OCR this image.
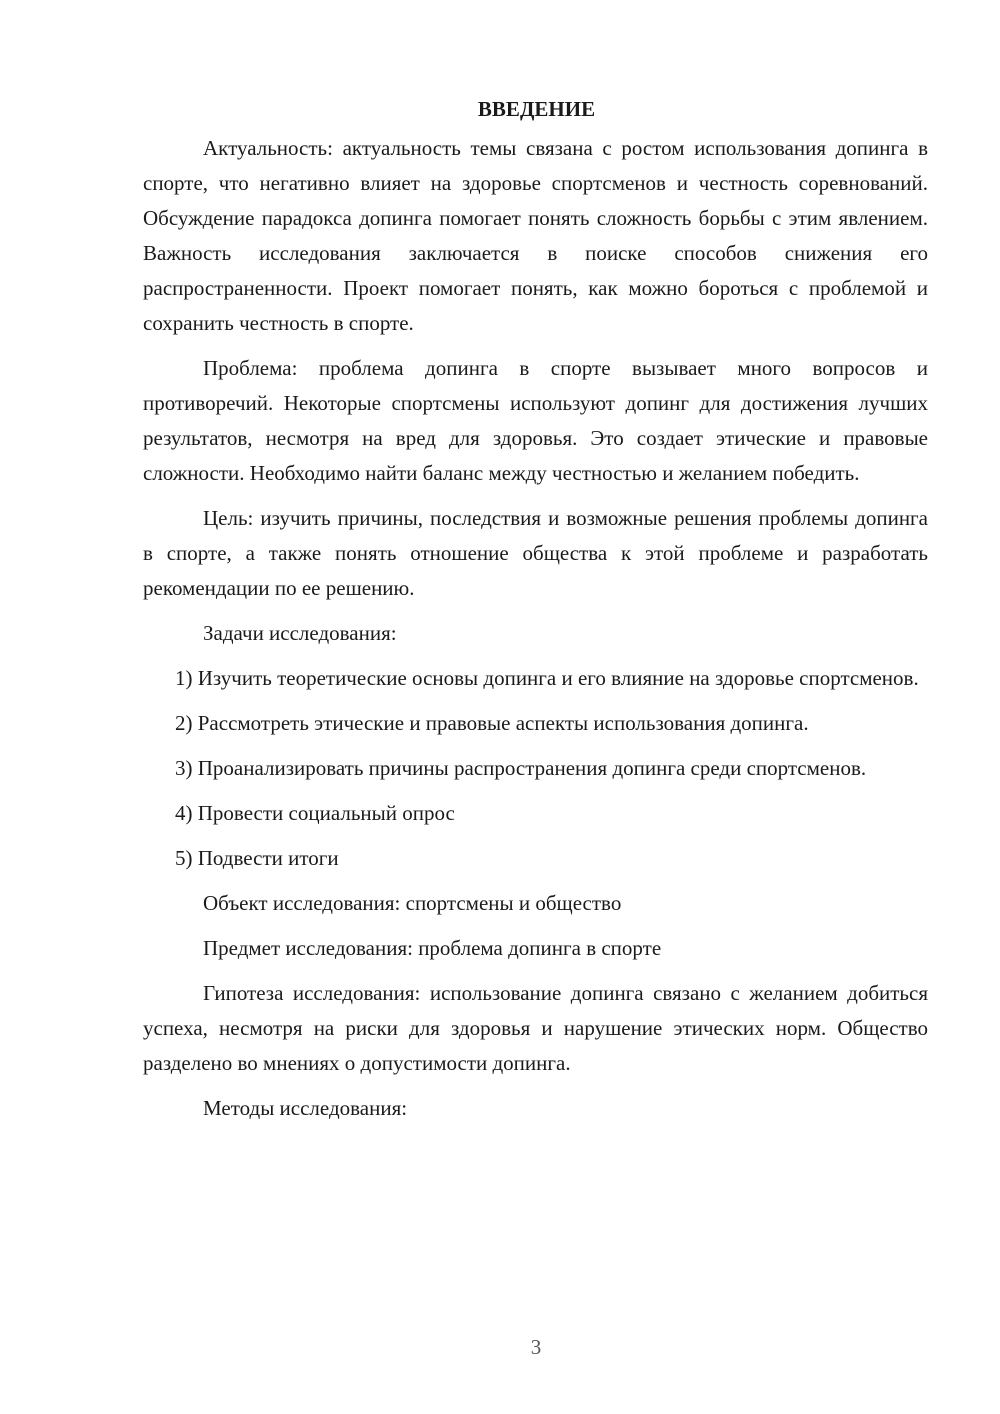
ВВЕДЕНИЕ

Актуальность: актуальность темы связана с ростом использования допинга в спорте, что негативно влияет на здоровье спортсменов и честность соревнований. Обсуждение парадокса допинга помогает понять сложность борьбы с этим явлением. Важность исследования заключается в поиске способов снижения его распространенности. Проект помогает понять, как можно бороться с проблемой и сохранить честность в спорте.

Проблема: проблема допинга в спорте вызывает много вопросов и противоречий. Некоторые спортсмены используют допинг для достижения лучших результатов, несмотря на вред для здоровья. Это создает этические и правовые сложности. Необходимо найти баланс между честностью и желанием победить.

Цель: изучить причины, последствия и возможные решения проблемы допинга в спорте, а также понять отношение общества к этой проблеме и разработать рекомендации по ее решению.

Задачи исследования:

1) Изучить теоретические основы допинга и его влияние на здоровье спортсменов.

2) Рассмотреть этические и правовые аспекты использования допинга.

3) Проанализировать причины распространения допинга среди спортсменов.

4) Провести социальный опрос

5) Подвести итоги

Объект исследования: спортсмены и общество

Предмет исследования: проблема допинга в спорте

Гипотеза исследования: использование допинга связано с желанием добиться успеха, несмотря на риски для здоровья и нарушение этических норм. Общество разделено во мнениях о допустимости допинга.

Методы исследования:

3
